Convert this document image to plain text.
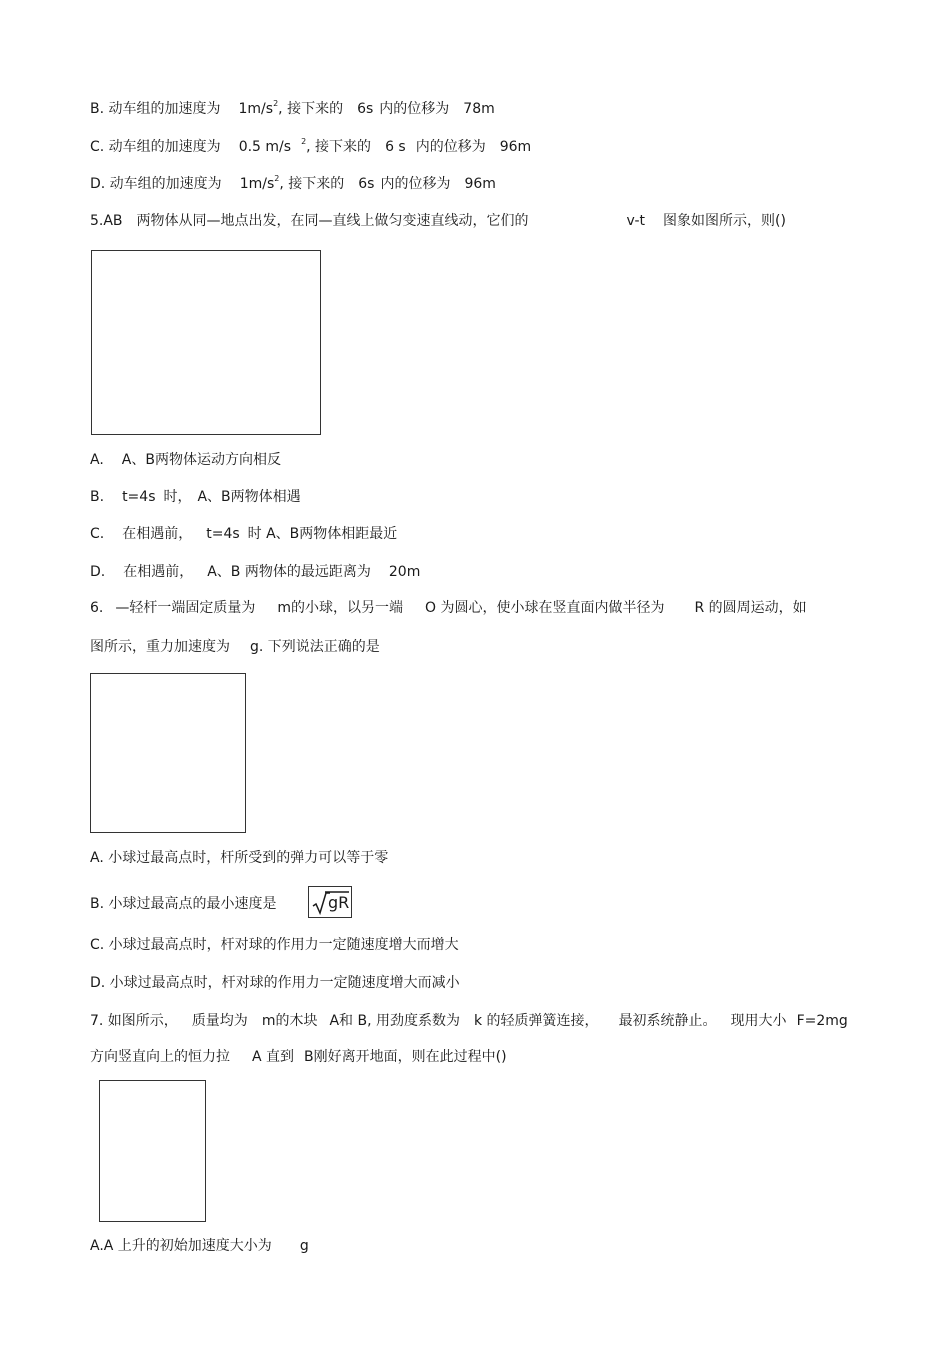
B. 动车组的加速度为 $1m/s^2$, 接下来的 6s 内的位移为 78m
C. 动车组的加速度为 0.5 m/s $^2$, 接下来的 6 s 内的位移为 96m
D. 动车组的加速度为 $1m/s^2$, 接下来的 6s 内的位移为 96m
5.AB 两物体从同—地点出发，在同—直线上做匀变速直线动，它们的	v-t 图象如图所示，则()
A. A、B两物体运动方向相反
B. t=4s 时， A、B两物体相遇
C. 在相遇前， t=4s 时 A、B两物体相距最近
D. 在相遇前， A、B 两物体的最远距离为 20m
6. —轻杆一端固定质量为 m的小球，以另一端 O 为圆心，使小球在竖直面内做半径为 R 的圆周运动，如
图所示，重力加速度为 g. 下列说法正确的是
A. 小球过最高点时，杆所受到的弹力可以等于零
B. 小球过最高点的最小速度是	gR
C. 小球过最高点时，杆对球的作用力一定随速度增大而增大
D. 小球过最高点时，杆对球的作用力一定随速度增大而减小
7. 如图所示， 质量均为 m的木块 A和 B, 用劲度系数为 k 的轻质弹簧连接， 最初系统静止。 现用大小 F=2mg
方向竖直向上的恒力拉 A 直到 B刚好离开地面，则在此过程中()
A.A 上升的初始加速度大小为 g
